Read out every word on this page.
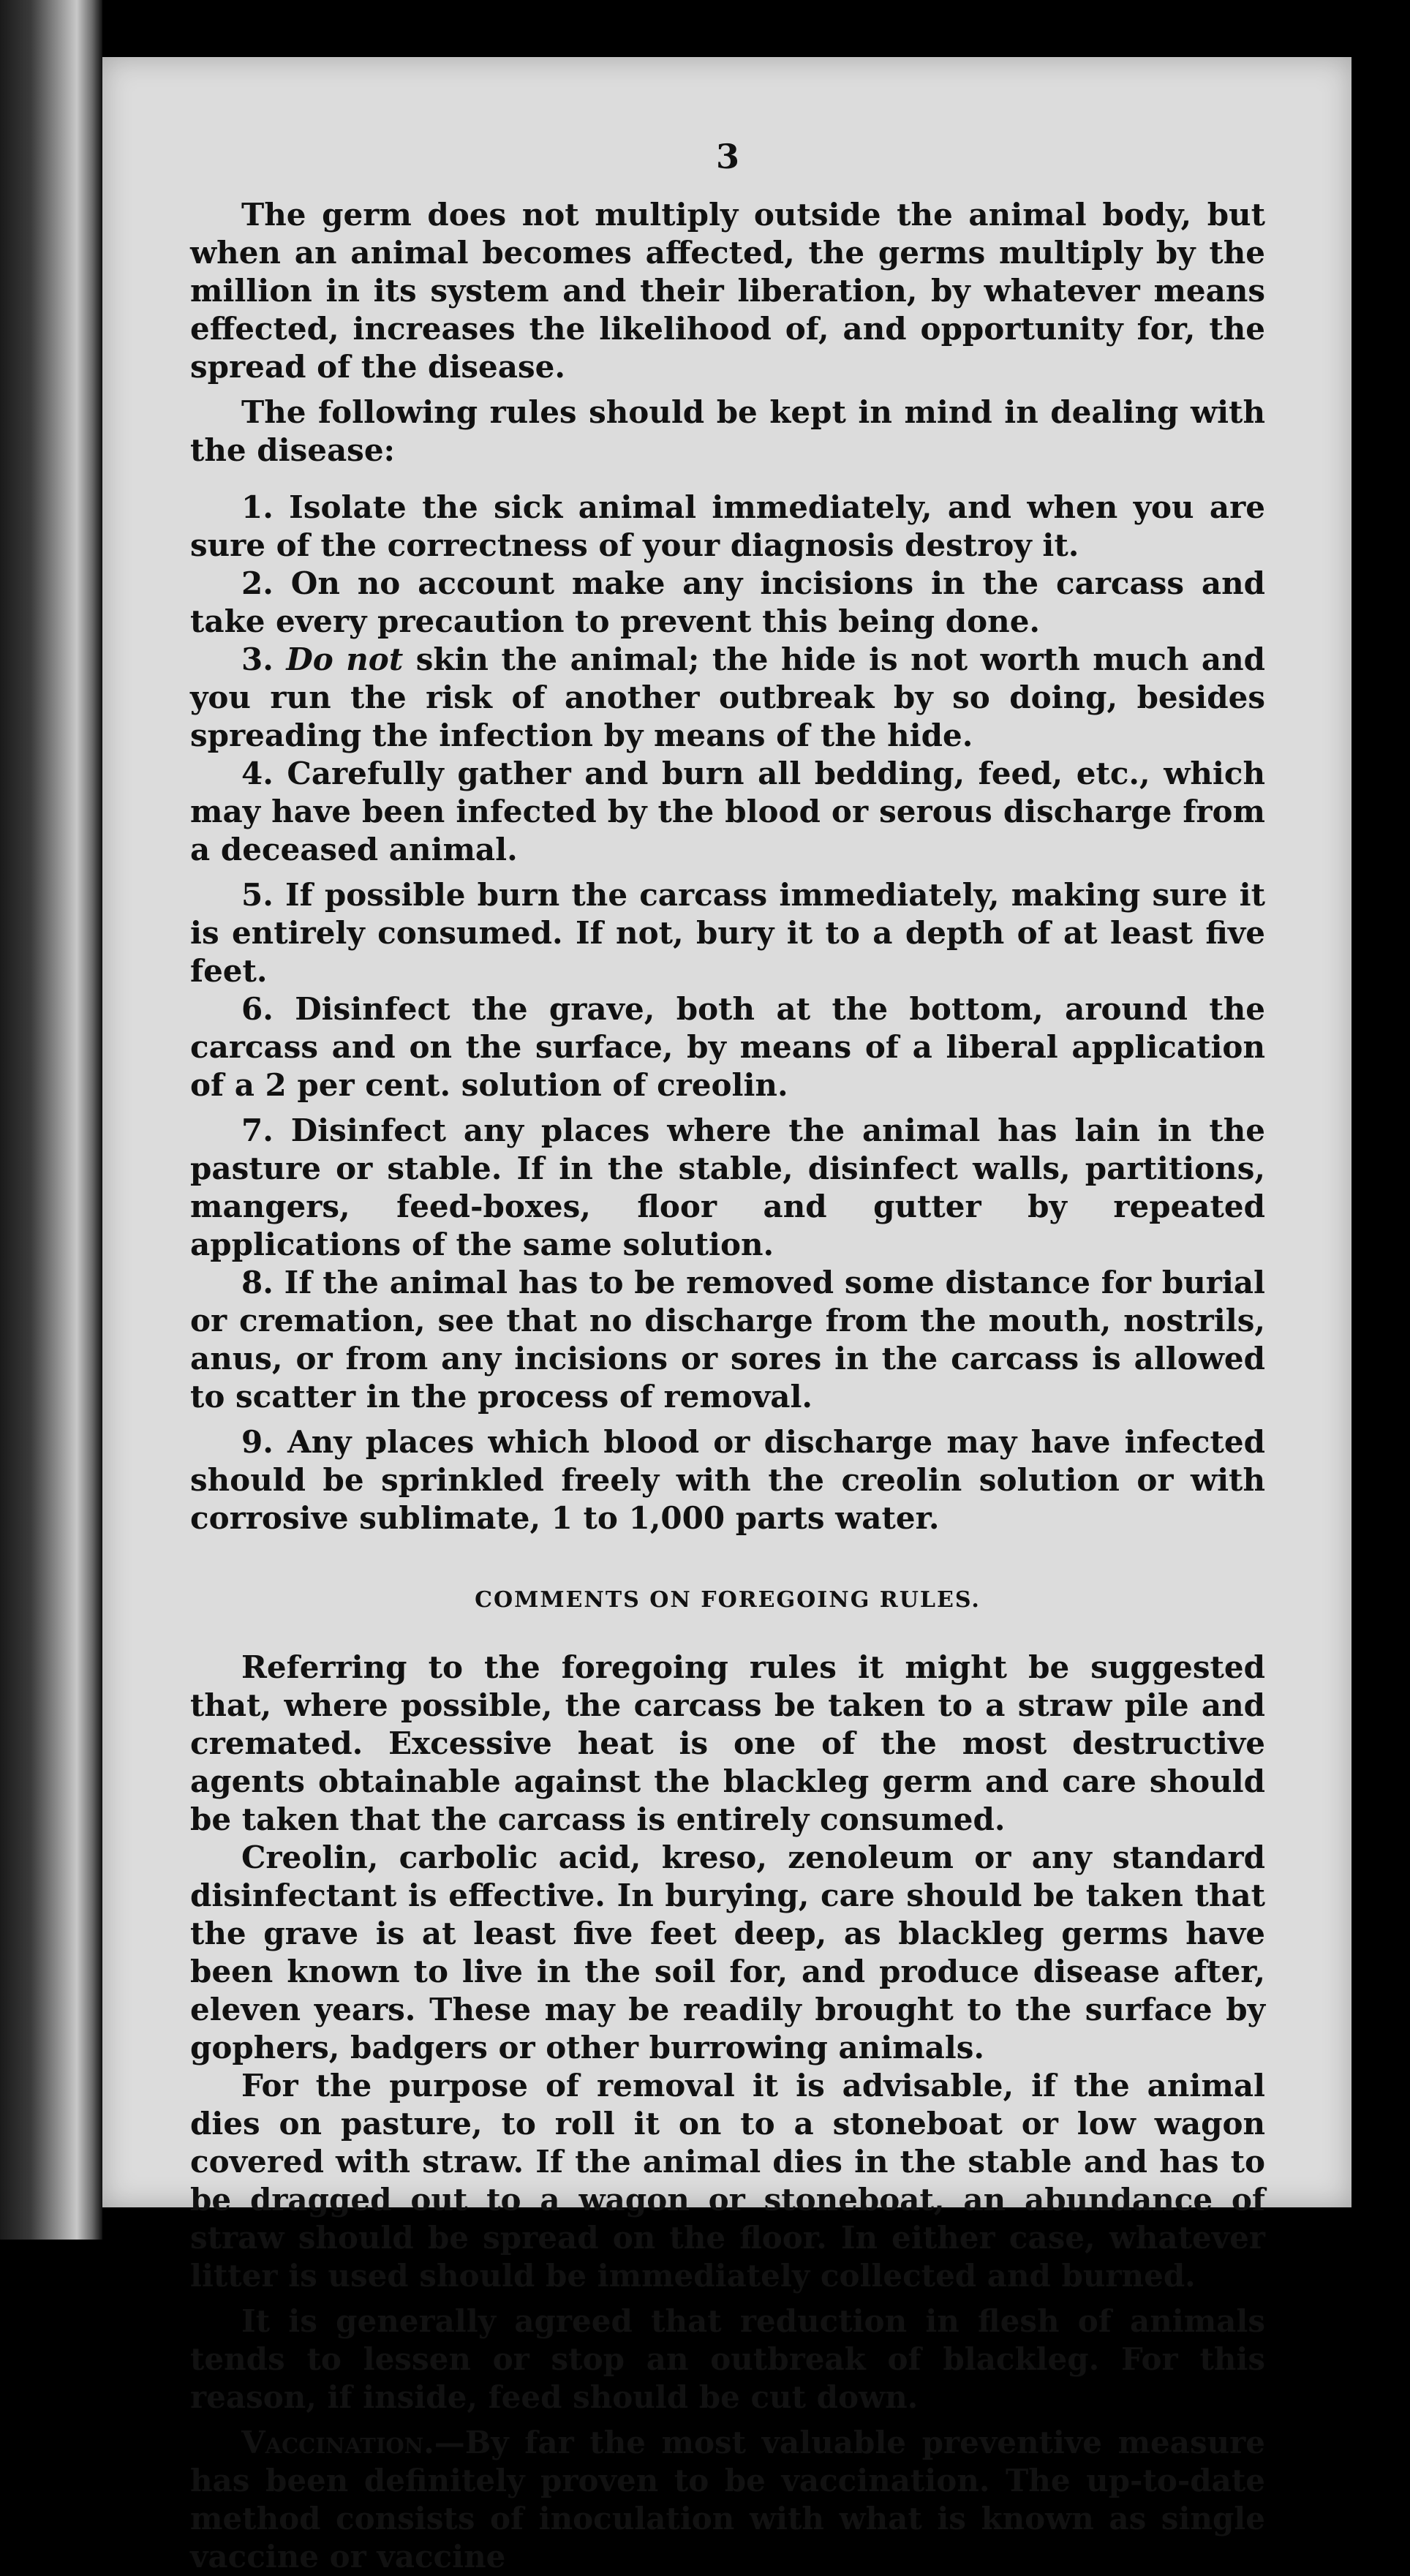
3

The germ does not multiply outside the animal body, but when an animal becomes affected, the germs multiply by the million in its system and their liberation, by whatever means effected, increases the likelihood of, and opportunity for, the spread of the disease.

The following rules should be kept in mind in dealing with the disease:

1. Isolate the sick animal immediately, and when you are sure of the correctness of your diagnosis destroy it.

2. On no account make any incisions in the carcass and take every precaution to prevent this being done.

3. Do not skin the animal; the hide is not worth much and you run the risk of another outbreak by so doing, besides spreading the infection by means of the hide.

4. Carefully gather and burn all bedding, feed, etc., which may have been infected by the blood or serous discharge from a deceased animal.

5. If possible burn the carcass immediately, making sure it is entirely consumed. If not, bury it to a depth of at least five feet.

6. Disinfect the grave, both at the bottom, around the carcass and on the surface, by means of a liberal application of a 2 per cent. solution of creolin.

7. Disinfect any places where the animal has lain in the pasture or stable. If in the stable, disinfect walls, partitions, mangers, feed-boxes, floor and gutter by repeated applications of the same solution.

8. If the animal has to be removed some distance for burial or cremation, see that no discharge from the mouth, nostrils, anus, or from any incisions or sores in the carcass is allowed to scatter in the process of removal.

9. Any places which blood or discharge may have infected should be sprinkled freely with the creolin solution or with corrosive sublimate, 1 to 1,000 parts water.

COMMENTS ON FOREGOING RULES.

Referring to the foregoing rules it might be suggested that, where possible, the carcass be taken to a straw pile and cremated. Excessive heat is one of the most destructive agents obtainable against the blackleg germ and care should be taken that the carcass is entirely consumed.

Creolin, carbolic acid, kreso, zenoleum or any standard disinfectant is effective. In burying, care should be taken that the grave is at least five feet deep, as blackleg germs have been known to live in the soil for, and produce disease after, eleven years. These may be readily brought to the surface by gophers, badgers or other burrowing animals.

For the purpose of removal it is advisable, if the animal dies on pasture, to roll it on to a stoneboat or low wagon covered with straw. If the animal dies in the stable and has to be dragged out to a wagon or stoneboat, an abundance of straw should be spread on the floor. In either case, whatever litter is used should be immediately collected and burned.

It is generally agreed that reduction in flesh of animals tends to lessen or stop an outbreak of blackleg. For this reason, if inside, feed should be cut down.

Vaccination.—By far the most valuable preventive measure has been definitely proven to be vaccination. The up-to-date method consists of inoculation with what is known as single vaccine or vaccine
